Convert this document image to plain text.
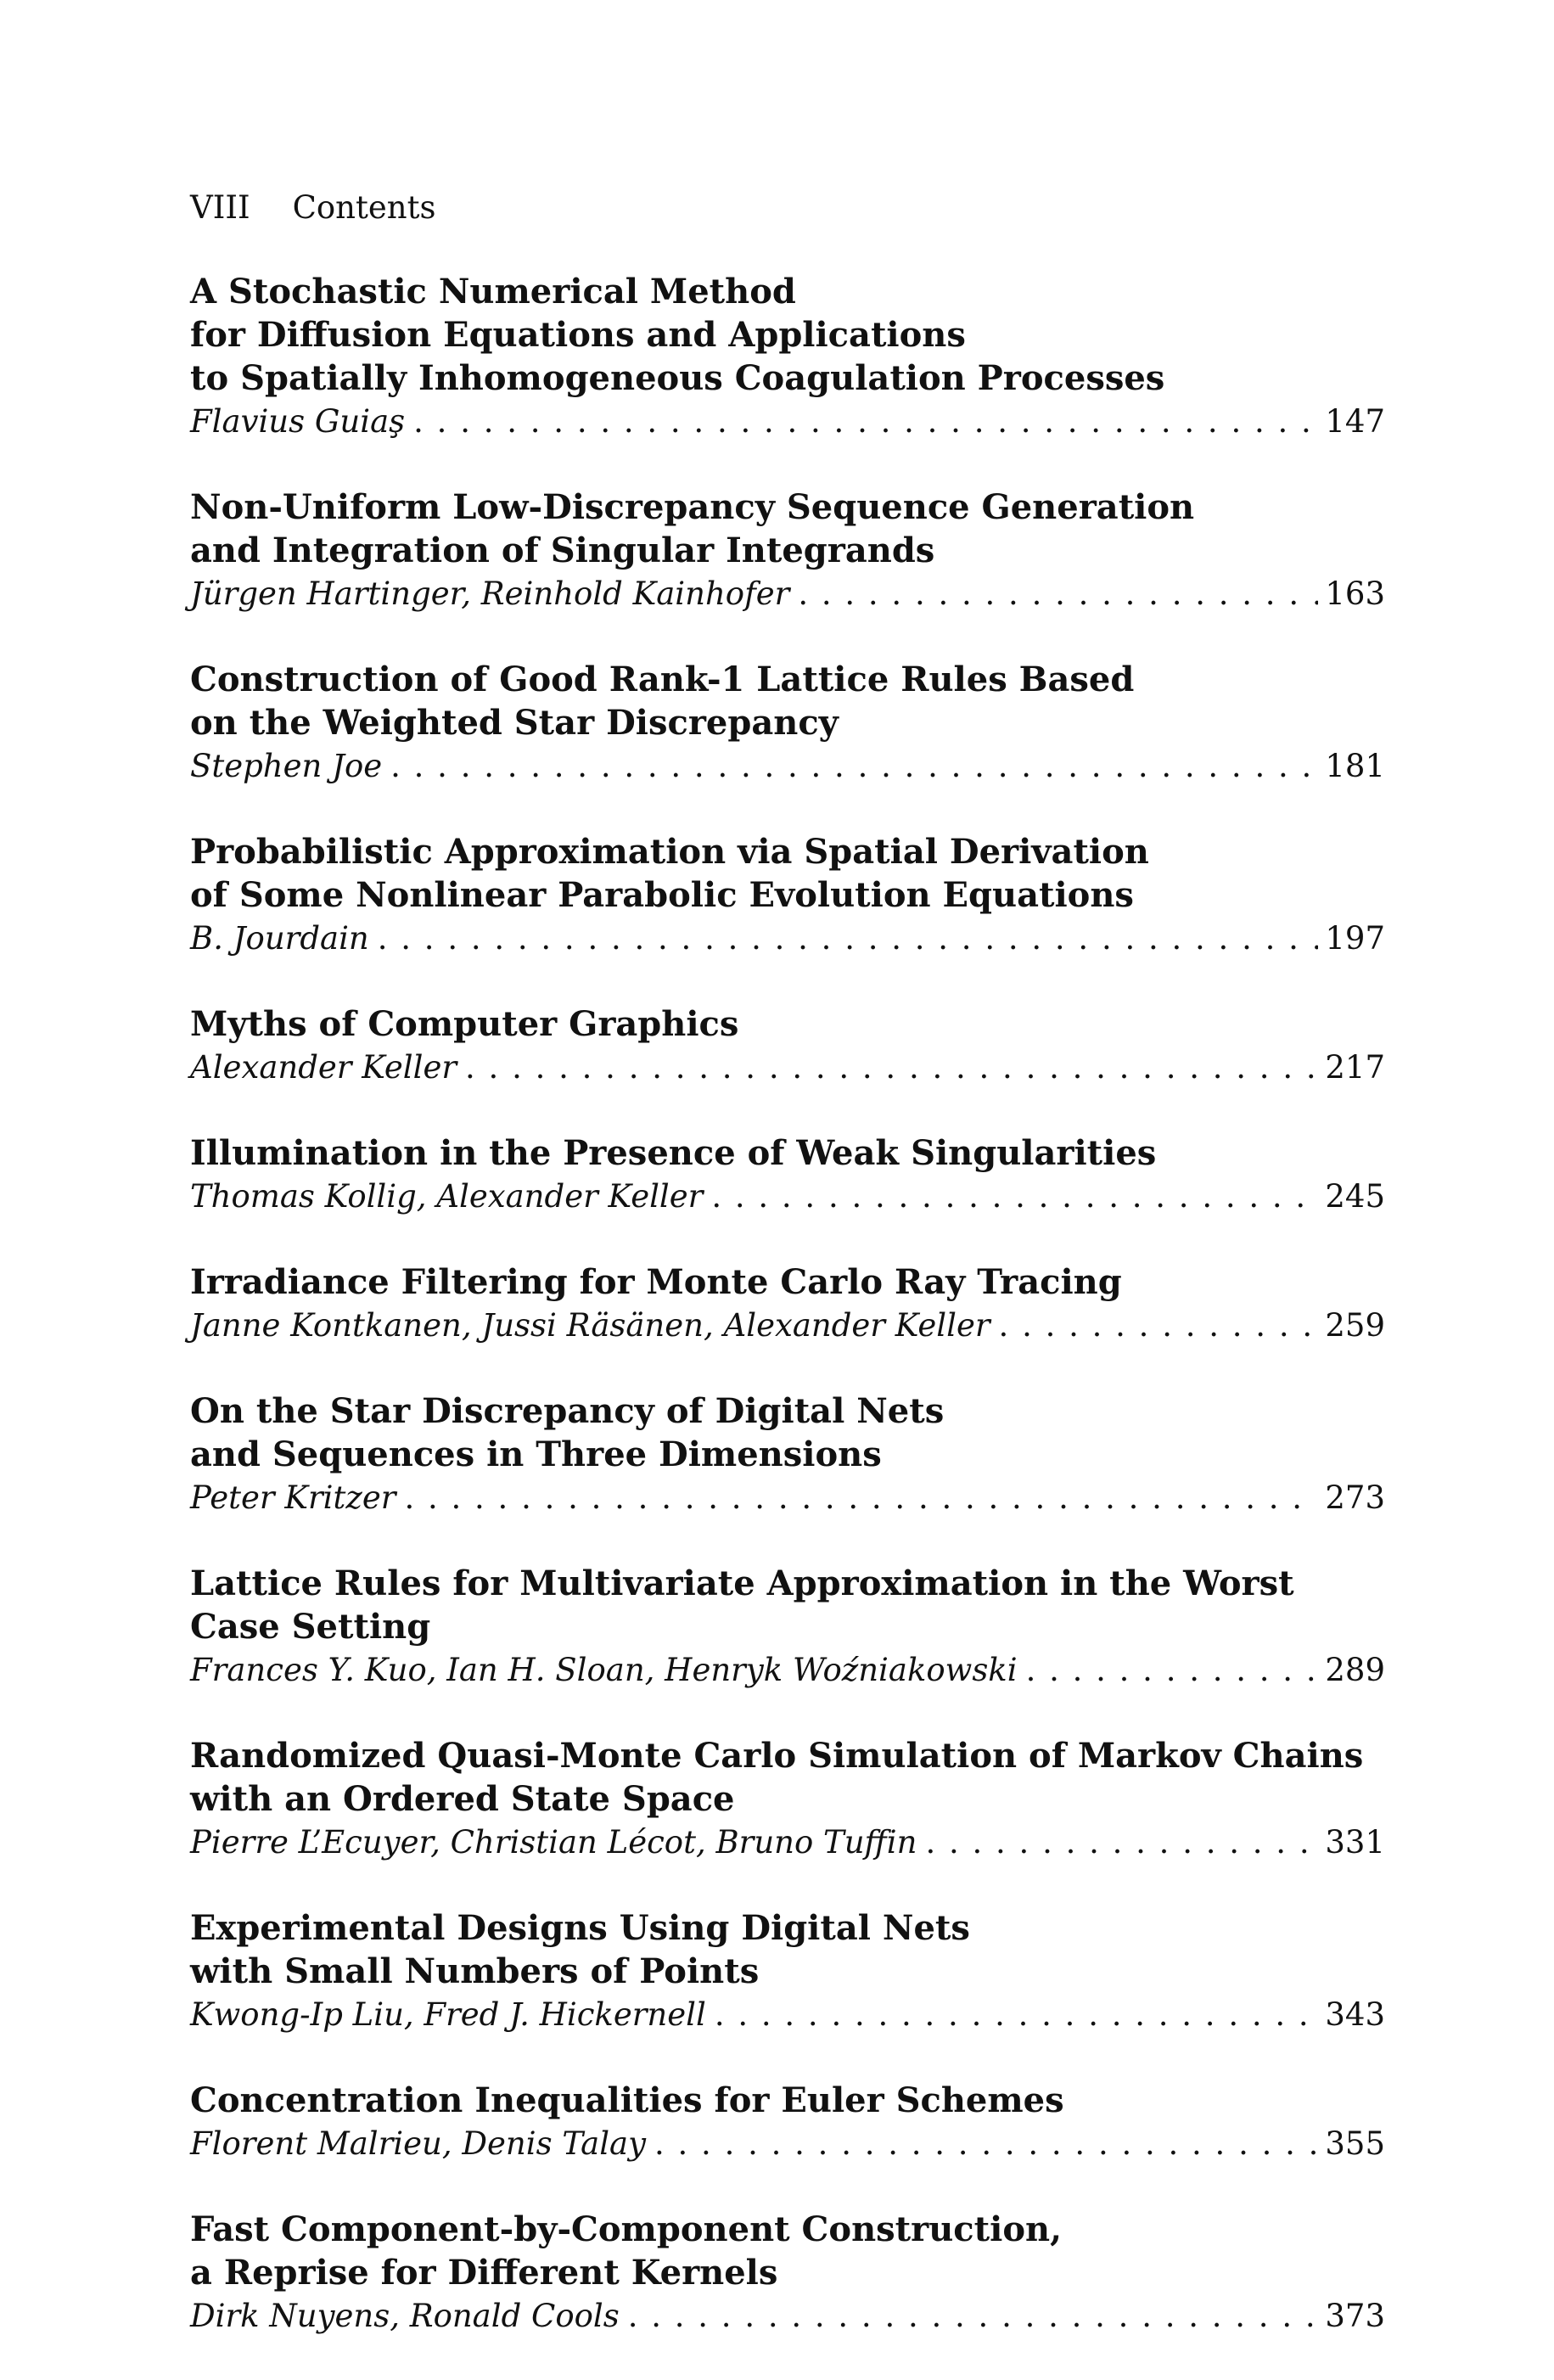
VIII Contents
A Stochastic Numerical Method
for Diffusion Equations and Applications
to Spatially Inhomogeneous Coagulation Processes
Flavius Guiaş . . .	147
Non-Uniform Low-Discrepancy Sequence Generation
and Integration of Singular Integrands
Jürgen Hartinger, Reinhold Kainhofer . . .	163
Construction of Good Rank-1 Lattice Rules Based
on the Weighted Star Discrepancy
Stephen Joe . . .	181
Probabilistic Approximation via Spatial Derivation
of Some Nonlinear Parabolic Evolution Equations
B. Jourdain . . .	197
Myths of Computer Graphics
Alexander Keller . . .	217
Illumination in the Presence of Weak Singularities
Thomas Kollig, Alexander Keller . . .	245
Irradiance Filtering for Monte Carlo Ray Tracing
Janne Kontkanen, Jussi Räsänen, Alexander Keller . . .	259
On the Star Discrepancy of Digital Nets
and Sequences in Three Dimensions
Peter Kritzer . . .	273
Lattice Rules for Multivariate Approximation in the Worst
Case Setting
Frances Y. Kuo, Ian H. Sloan, Henryk Woźniakowski . . .	289
Randomized Quasi-Monte Carlo Simulation of Markov Chains
with an Ordered State Space
Pierre L’Ecuyer, Christian Lécot, Bruno Tuffin . . .	331
Experimental Designs Using Digital Nets
with Small Numbers of Points
Kwong-Ip Liu, Fred J. Hickernell . . .	343
Concentration Inequalities for Euler Schemes
Florent Malrieu, Denis Talay . . .	355
Fast Component-by-Component Construction,
a Reprise for Different Kernels
Dirk Nuyens, Ronald Cools . . .	373
